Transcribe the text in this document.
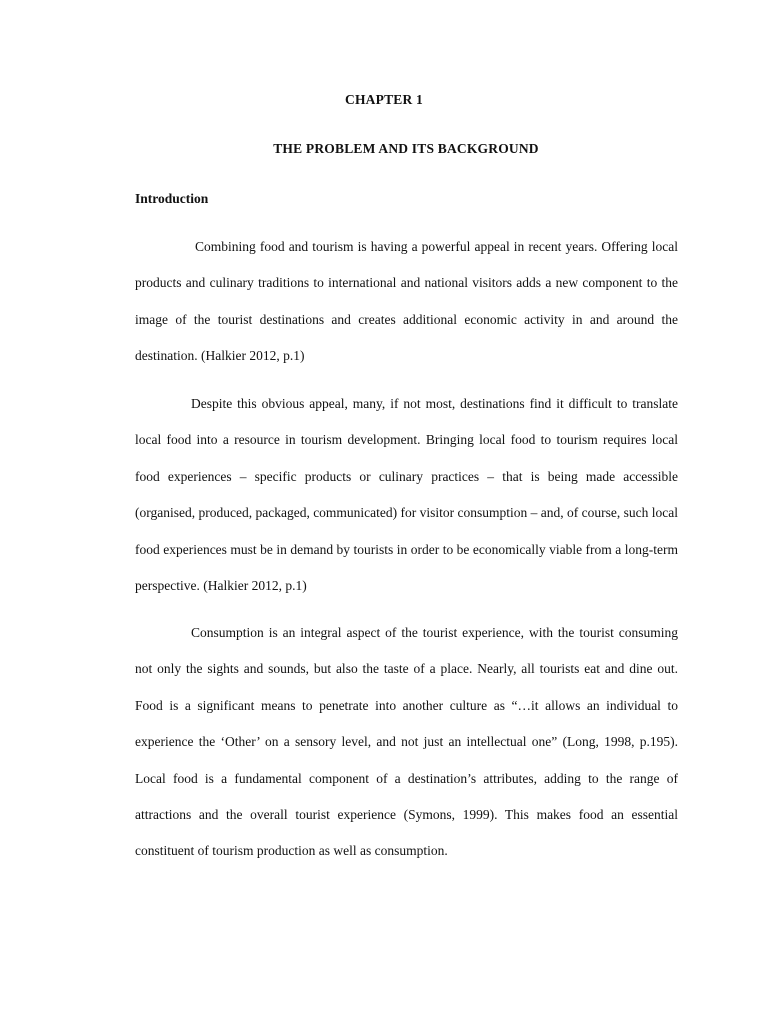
CHAPTER 1
THE PROBLEM AND ITS BACKGROUND
Introduction

Combining food and tourism is having a powerful appeal in recent years. Offering local products and culinary traditions to international and national visitors adds a new component to the image of the tourist destinations and creates additional economic activity in and around the destination. (Halkier 2012, p.1)

Despite this obvious appeal, many, if not most, destinations find it difficult to translate local food into a resource in tourism development. Bringing local food to tourism requires local food experiences – specific products or culinary practices – that is being made accessible (organised, produced, packaged, communicated) for visitor consumption – and, of course, such local food experiences must be in demand by tourists in order to be economically viable from a long-term perspective. (Halkier 2012, p.1)

Consumption is an integral aspect of the tourist experience, with the tourist consuming not only the sights and sounds, but also the taste of a place. Nearly, all tourists eat and dine out. Food is a significant means to penetrate into another culture as “…it allows an individual to experience the ‘Other’ on a sensory level, and not just an intellectual one” (Long, 1998, p.195). Local food is a fundamental component of a destination’s attributes, adding to the range of attractions and the overall tourist experience (Symons, 1999). This makes food an essential constituent of tourism production as well as consumption.
